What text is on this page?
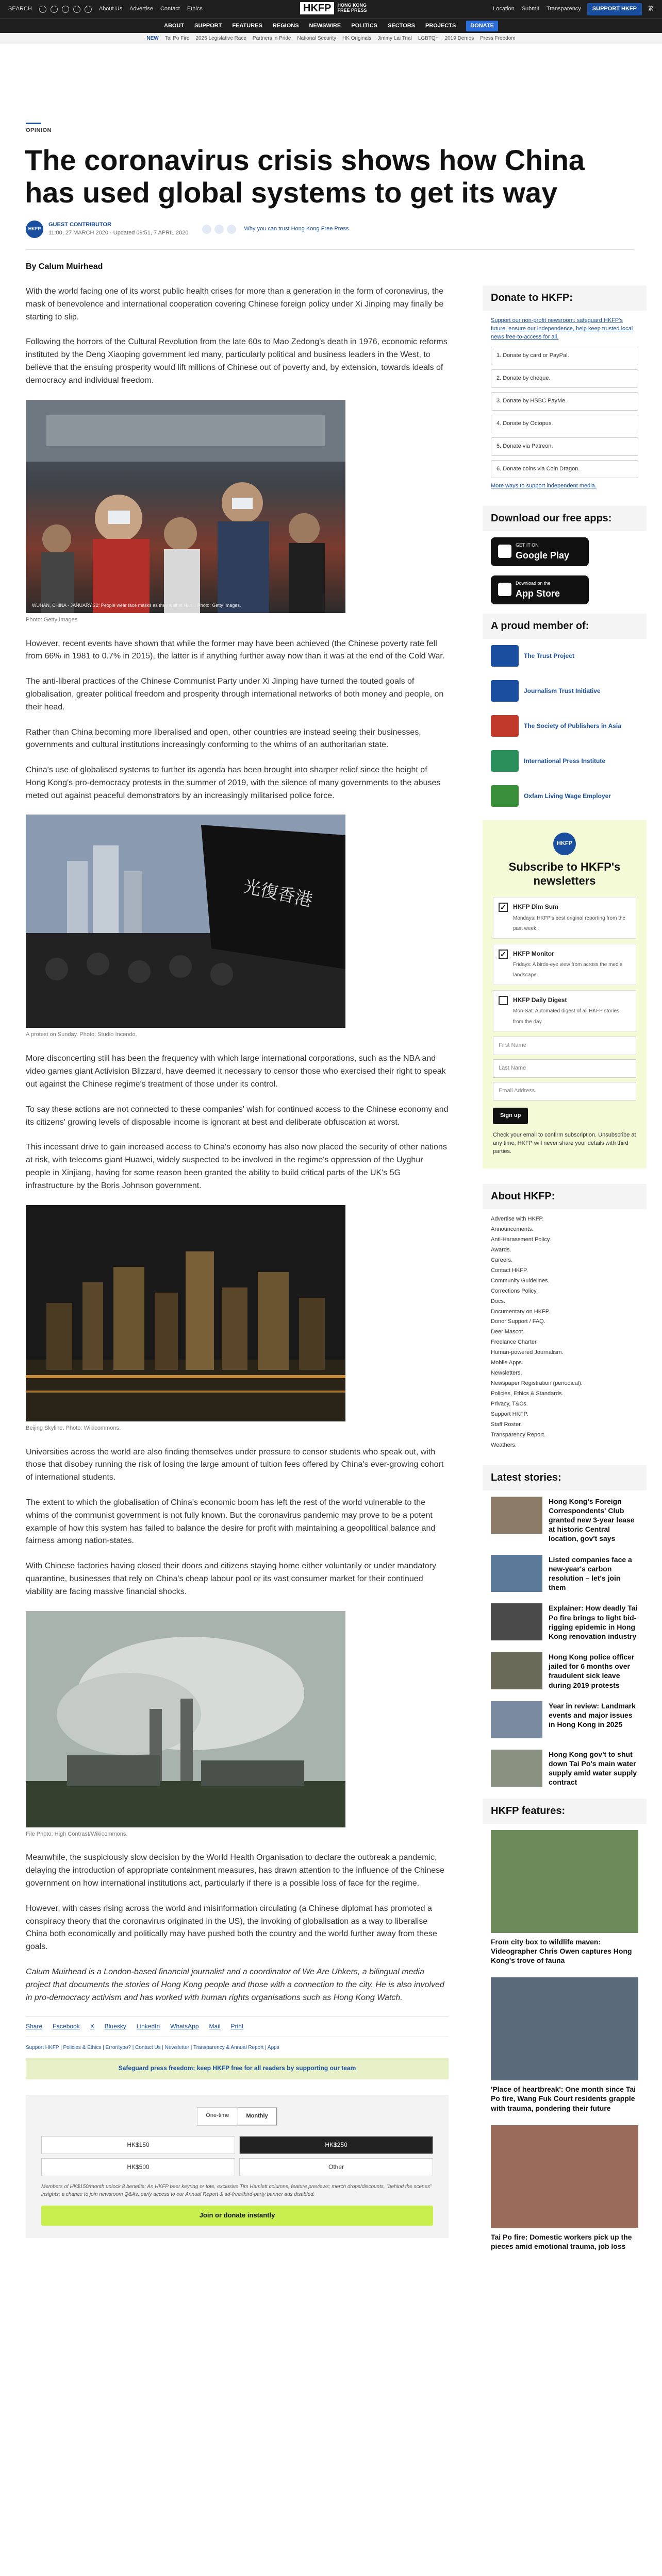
SEARCH	About Us Advertise Contact Ethics	HKFP	HONG KONG
FREE PRESS	Location Submit Transparency	SUPPORT HKFP	繁
ABOUT SUPPORT FEATURES REGIONS NEWSWIRE POLITICS SECTORS PROJECTS	DONATE
NEW Tai Po Fire 2025 Legislative Race Partners in Pride National Security HK Originals Jimmy Lai Trial LGBTQ+ 2019 Demos Press Freedom
OPINION
The coronavirus crisis shows how China has used global systems to get its way
HKFP
GUEST CONTRIBUTOR
11:00, 27 MARCH 2020 · Updated 09:51, 7 APRIL 2020
Why you can trust Hong Kong Free Press
By Calum Muirhead

With the world facing one of its worst public health crises for more than a generation in the form of coronavirus, the mask of benevolence and international cooperation covering Chinese foreign policy under Xi Jinping may finally be starting to slip.

Following the horrors of the Cultural Revolution from the late 60s to Mao Zedong's death in 1976, economic reforms instituted by the Deng Xiaoping government led many, particularly political and business leaders in the West, to believe that the ensuing prosperity would lift millions of Chinese out of poverty and, by extension, towards ideals of democracy and individual freedom.

WUHAN, CHINA - JANUARY 22: People wear face masks as they wait at Han... Photo: Getty Images.
Photo: Getty Images

However, recent events have shown that while the former may have been achieved (the Chinese poverty rate fell from 66% in 1981 to 0.7% in 2015), the latter is if anything further away now than it was at the end of the Cold War.

The anti-liberal practices of the Chinese Communist Party under Xi Jinping have turned the touted goals of globalisation, greater political freedom and prosperity through international networks of both money and people, on their head.

Rather than China becoming more liberalised and open, other countries are instead seeing their businesses, governments and cultural institutions increasingly conforming to the whims of an authoritarian state.

China's use of globalised systems to further its agenda has been brought into sharper relief since the height of Hong Kong's pro-democracy protests in the summer of 2019, with the silence of many governments to the abuses meted out against peaceful demonstrators by an increasingly militarised police force.

光復香港
A protest on Sunday. Photo: Studio Incendo.

More disconcerting still has been the frequency with which large international corporations, such as the NBA and video games giant Activision Blizzard, have deemed it necessary to censor those who exercised their right to speak out against the Chinese regime's treatment of those under its control.

To say these actions are not connected to these companies' wish for continued access to the Chinese economy and its citizens' growing levels of disposable income is ignorant at best and deliberate obfuscation at worst.

This incessant drive to gain increased access to China's economy has also now placed the security of other nations at risk, with telecoms giant Huawei, widely suspected to be involved in the regime's oppression of the Uyghur people in Xinjiang, having for some reason been granted the ability to build critical parts of the UK's 5G infrastructure by the Boris Johnson government.

Beijing Skyline. Photo: Wikicommons.

Universities across the world are also finding themselves under pressure to censor students who speak out, with those that disobey running the risk of losing the large amount of tuition fees offered by China's ever-growing cohort of international students.

The extent to which the globalisation of China's economic boom has left the rest of the world vulnerable to the whims of the communist government is not fully known. But the coronavirus pandemic may prove to be a potent example of how this system has failed to balance the desire for profit with maintaining a geopolitical balance and fairness among nation-states.

With Chinese factories having closed their doors and citizens staying home either voluntarily or under mandatory quarantine, businesses that rely on China's cheap labour pool or its vast consumer market for their continued viability are facing massive financial shocks.

File Photo: High Contrast/Wikicommons.

Meanwhile, the suspiciously slow decision by the World Health Organisation to declare the outbreak a pandemic, delaying the introduction of appropriate containment measures, has drawn attention to the influence of the Chinese government on how international institutions act, particularly if there is a possible loss of face for the regime.

However, with cases rising across the world and misinformation circulating (a Chinese diplomat has promoted a conspiracy theory that the coronavirus originated in the US), the invoking of globalisation as a way to liberalise China both economically and politically may have pushed both the country and the world further away from these goals.

Calum Muirhead is a London-based financial journalist and a coordinator of We Are Uhkers, a bilingual media project that documents the stories of Hong Kong people and those with a connection to the city. He is also involved in pro-democracy activism and has worked with human rights organisations such as Hong Kong Watch.

Share Facebook X Bluesky LinkedIn WhatsApp Mail Print
Support HKFP | Policies & Ethics | Error/typo? | Contact Us | Newsletter | Transparency & Annual Report | Apps
Safeguard press freedom; keep HKFP free for all readers by supporting our team
One-time	Monthly
HK$150	HK$250
HK$500	Other
Members of HK$150/month unlock 8 benefits: An HKFP beer keyring or tote, exclusive Tim Hamlett columns, feature previews; merch drops/discounts, "behind the scenes" insights; a chance to join newsroom Q&As, early access to our Annual Report & ad-free/third-party banner ads disabled.
Join or donate instantly
Donate to HKFP:
Support our non-profit newsroom: safeguard HKFP's future, ensure our independence, help keep trusted local news free-to-access for all.
1. Donate by card or PayPal.
2. Donate by cheque.
3. Donate by HSBC PayMe.
4. Donate by Octopus.
5. Donate via Patreon.
6. Donate coins via Coin Dragon.
More ways to support independent media.
Download our free apps:
GET IT ON
Google Play
Download on the
App Store
A proud member of:
The Trust Project
Journalism Trust Initiative
The Society of Publishers in Asia
International Press Institute
Oxfam Living Wage Employer
HKFP
Subscribe to HKFP's newsletters
✓
HKFP Dim Sum
Mondays: HKFP's best original reporting from the past week.
✓
HKFP Monitor
Fridays: A birds-eye view from across the media landscape.
HKFP Daily Digest
Mon-Sat: Automated digest of all HKFP stories from the day.
First Name
Last Name
Email Address
Sign up
Check your email to confirm subscription. Unsubscribe at any time, HKFP will never share your details with third parties.
About HKFP:
Advertise with HKFP.
Announcements.
Anti-Harassment Policy.
Awards.
Careers.
Contact HKFP.
Community Guidelines.
Corrections Policy.
Docs.
Documentary on HKFP.
Donor Support / FAQ.
Deer Mascot.
Freelance Charter.
Human-powered Journalism.
Mobile Apps.
Newsletters.
Newspaper Registration (periodical).
Policies, Ethics & Standards.
Privacy, T&Cs.
Support HKFP.
Staff Roster.
Transparency Report.
Weathers.
Latest stories:
Hong Kong's Foreign Correspondents' Club granted new 3-year lease at historic Central location, gov't says
Listed companies face a new-year's carbon resolution – let's join them
Explainer: How deadly Tai Po fire brings to light bid-rigging epidemic in Hong Kong renovation industry
Hong Kong police officer jailed for 6 months over fraudulent sick leave during 2019 protests
Year in review: Landmark events and major issues in Hong Kong in 2025
Hong Kong gov't to shut down Tai Po's main water supply amid water supply contract
HKFP features:
From city box to wildlife maven: Videographer Chris Owen captures Hong Kong's trove of fauna
'Place of heartbreak': One month since Tai Po fire, Wang Fuk Court residents grapple with trauma, pondering their future
Tai Po fire: Domestic workers pick up the pieces amid emotional trauma, job loss
